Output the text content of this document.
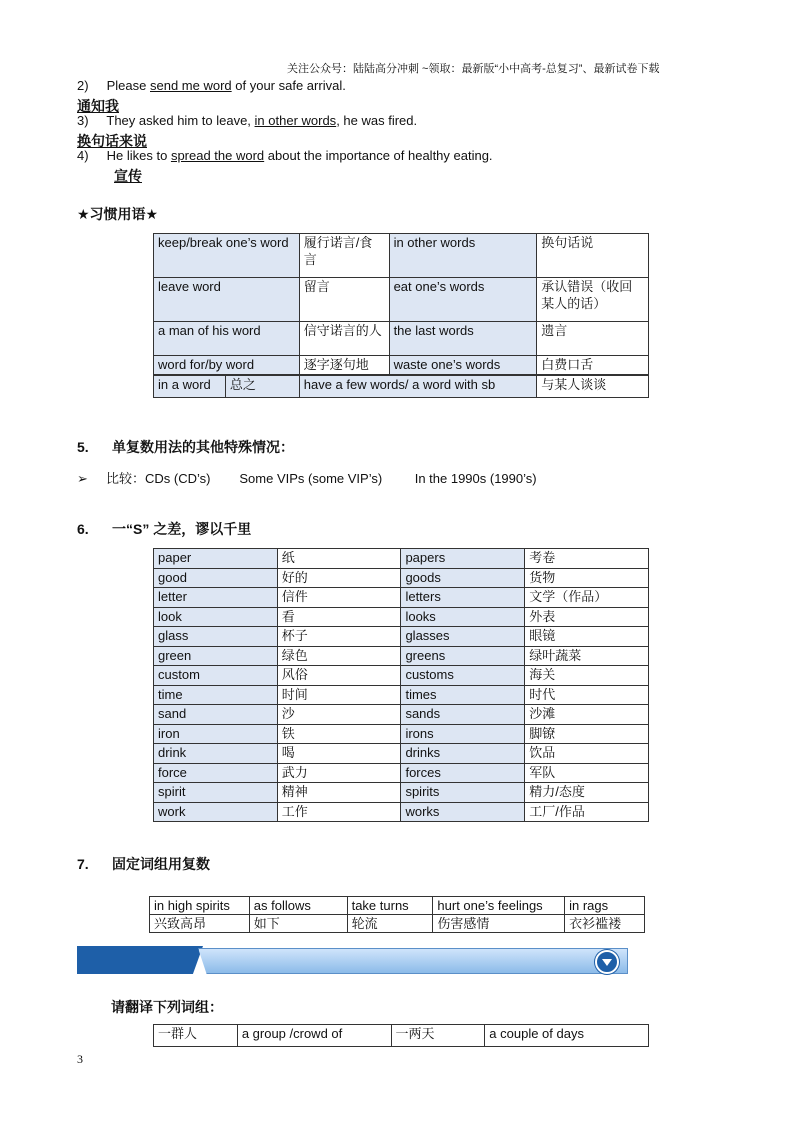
关注公众号：陆陆高分冲刺 ~领取：最新版“小中高考-总复习”、最新试卷下载
2) Please send me word of your safe arrival.
通知我
3) They asked him to leave, in other words, he was fired.
换句话来说
4) He likes to spread the word about the importance of healthy eating.
宣传
★习惯用语★
keep/break one’s word	履行诺言/食言	in other words	换句话说
leave word	留言	eat one’s words	承认错误（收回某人的话）
a man of his word	信守诺言的人	the last words	遗言
word for/by word	逐字逐句地	waste one’s words	白费口舌
in a word	总之	have a few words/ a word with sb	与某人谈谈
5. 单复数用法的其他特殊情况：
➢ 比较：CDs (CD’s) Some VIPs (some VIP’s)	In the 1990s (1990’s)
6. 一“S” 之差，谬以千里
paper	纸	papers	考卷
good	好的	goods	货物
letter	信件	letters	文学（作品）
look	看	looks	外表
glass	杯子	glasses	眼镜
green	绿色	greens	绿叶蔬菜
custom	风俗	customs	海关
time	时间	times	时代
sand	沙	sands	沙滩
iron	铁	irons	脚镣
drink	喝	drinks	饮品
force	武力	forces	军队
spirit	精神	spirits	精力/态度
work	工作	works	工厂/作品
7. 固定词组用复数
in high spirits	as follows	take turns	hurt one’s feelings	in rags
兴致高昂	如下	轮流	伤害感情	衣衫褴褛
请翻译下列词组：
一群人	a group /crowd of	一两天	a couple of days
3
